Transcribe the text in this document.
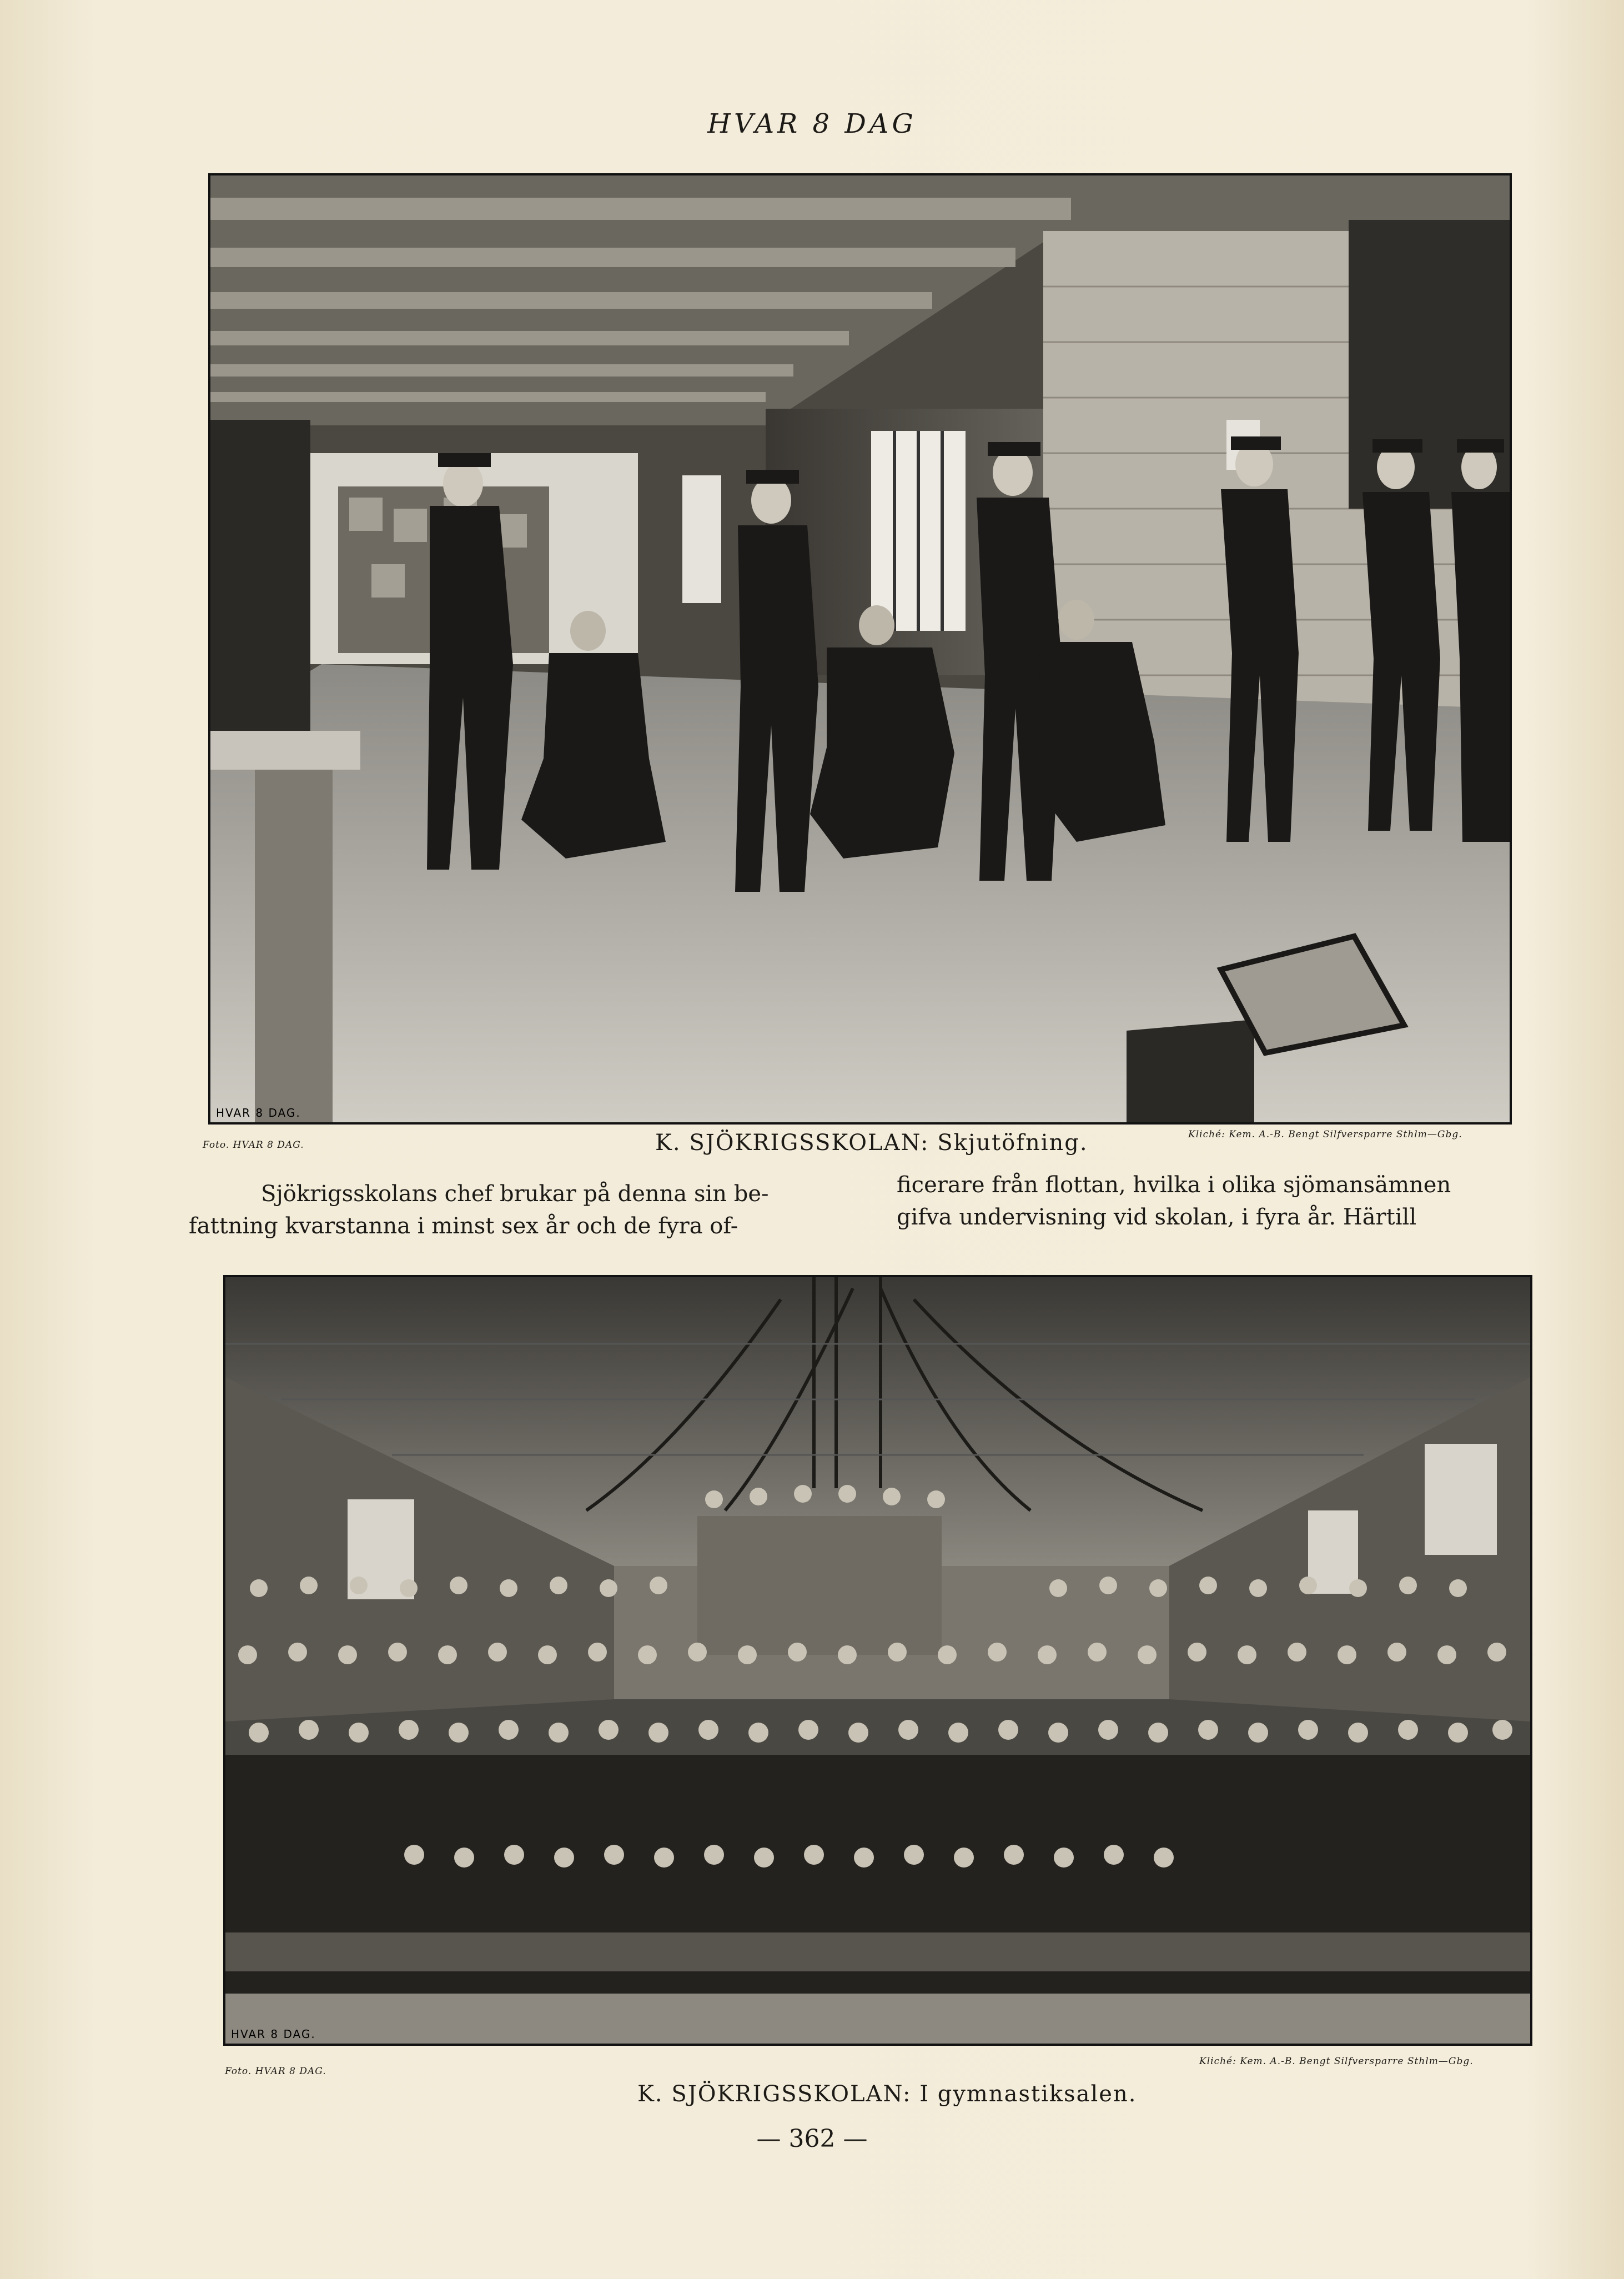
HVAR 8 DAG
HVAR 8 DAG.
Foto. HVAR 8 DAG.	K. SJÖKRIGSSKOLAN: Skjutöfning.	Kliché: Kem. A.-B. Bengt Silfversparre Sthlm—Gbg.
Sjökrigsskolans chef brukar på denna sin be-
fattning kvarstanna i minst sex år och de fyra of-
ficerare från flottan, hvilka i olika sjömansämnen
gifva undervisning vid skolan, i fyra år. Härtill
HVAR 8 DAG.
Foto. HVAR 8 DAG.
K. SJÖKRIGSSKOLAN: I gymnastiksalen.
Kliché: Kem. A.-B. Bengt Silfversparre Sthlm—Gbg.
— 362 —
